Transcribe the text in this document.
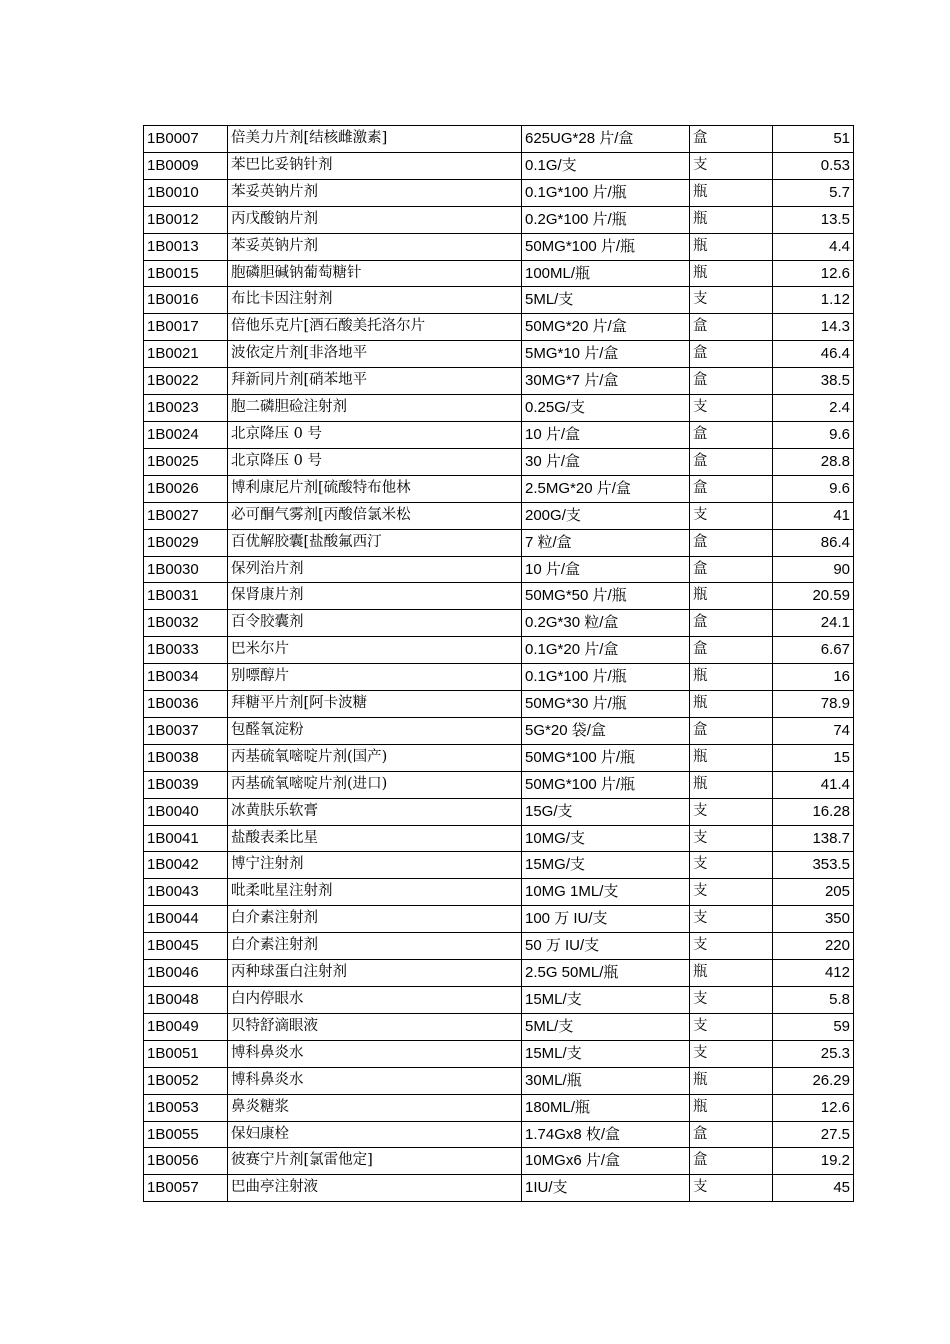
1B0007	倍美力片剂[结核雌激素]	625UG*28 片/盒	盒	51
1B0009	苯巴比妥钠针剂	0.1G/支	支	0.53
1B0010	苯妥英钠片剂	0.1G*100 片/瓶	瓶	5.7
1B0012	丙戊酸钠片剂	0.2G*100 片/瓶	瓶	13.5
1B0013	苯妥英钠片剂	50MG*100 片/瓶	瓶	4.4
1B0015	胞磷胆碱钠葡萄糖针	100ML/瓶	瓶	12.6
1B0016	布比卡因注射剂	5ML/支	支	1.12
1B0017	倍他乐克片[酒石酸美托洛尔片	50MG*20 片/盒	盒	14.3
1B0021	波依定片剂[非洛地平	5MG*10 片/盒	盒	46.4
1B0022	拜新同片剂[硝苯地平	30MG*7 片/盒	盒	38.5
1B0023	胞二磷胆硷注射剂	0.25G/支	支	2.4
1B0024	北京降压 0 号	10 片/盒	盒	9.6
1B0025	北京降压 0 号	30 片/盒	盒	28.8
1B0026	博利康尼片剂[硫酸特布他林	2.5MG*20 片/盒	盒	9.6
1B0027	必可酮气雾剂[丙酸倍氯米松	200G/支	支	41
1B0029	百优解胶囊[盐酸氟西汀	7 粒/盒	盒	86.4
1B0030	保列治片剂	10 片/盒	盒	90
1B0031	保肾康片剂	50MG*50 片/瓶	瓶	20.59
1B0032	百令胶囊剂	0.2G*30 粒/盒	盒	24.1
1B0033	巴米尔片	0.1G*20 片/盒	盒	6.67
1B0034	别嘌醇片	0.1G*100 片/瓶	瓶	16
1B0036	拜糖平片剂[阿卡波糖	50MG*30 片/瓶	瓶	78.9
1B0037	包醛氧淀粉	5G*20 袋/盒	盒	74
1B0038	丙基硫氧嘧啶片剂(国产)	50MG*100 片/瓶	瓶	15
1B0039	丙基硫氧嘧啶片剂(进口)	50MG*100 片/瓶	瓶	41.4
1B0040	冰黄肤乐软膏	15G/支	支	16.28
1B0041	盐酸表柔比星	10MG/支	支	138.7
1B0042	博宁注射剂	15MG/支	支	353.5
1B0043	吡柔吡星注射剂	10MG 1ML/支	支	205
1B0044	白介素注射剂	100 万 IU/支	支	350
1B0045	白介素注射剂	50 万 IU/支	支	220
1B0046	丙种球蛋白注射剂	2.5G 50ML/瓶	瓶	412
1B0048	白内停眼水	15ML/支	支	5.8
1B0049	贝特舒滴眼液	5ML/支	支	59
1B0051	博科鼻炎水	15ML/支	支	25.3
1B0052	博科鼻炎水	30ML/瓶	瓶	26.29
1B0053	鼻炎糖浆	180ML/瓶	瓶	12.6
1B0055	保妇康栓	1.74Gx8 枚/盒	盒	27.5
1B0056	彼赛宁片剂[氯雷他定]	10MGx6 片/盒	盒	19.2
1B0057	巴曲亭注射液	1IU/支	支	45
